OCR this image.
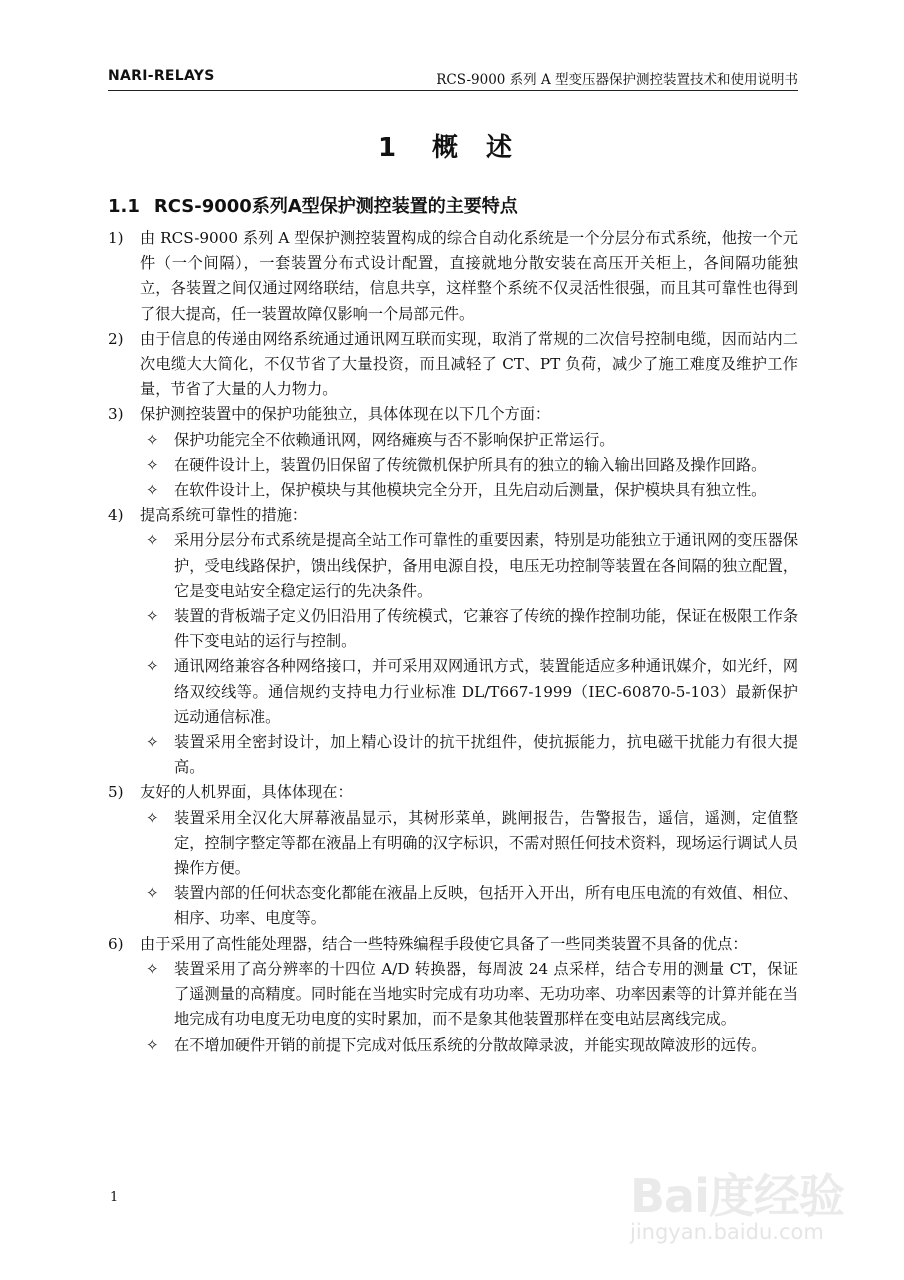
NARI-RELAYS	RCS-9000 系列 A 型变压器保护测控装置技术和使用说明书
1 概 述
1.1 RCS-9000系列A型保护测控装置的主要特点
1) 由 RCS-9000 系列 A 型保护测控装置构成的综合自动化系统是一个分层分布式系统，他按一个元件（一个间隔），一套装置分布式设计配置，直接就地分散安装在高压开关柜上，各间隔功能独立，各装置之间仅通过网络联结，信息共享，这样整个系统不仅灵活性很强，而且其可靠性也得到了很大提高，任一装置故障仅影响一个局部元件。
2) 由于信息的传递由网络系统通过通讯网互联而实现，取消了常规的二次信号控制电缆，因而站内二次电缆大大简化，不仅节省了大量投资，而且减轻了 CT、PT 负荷，减少了施工难度及维护工作量，节省了大量的人力物力。
3) 保护测控装置中的保护功能独立，具体体现在以下几个方面：
✧ 保护功能完全不依赖通讯网，网络瘫痪与否不影响保护正常运行。
✧ 在硬件设计上，装置仍旧保留了传统微机保护所具有的独立的输入输出回路及操作回路。
✧ 在软件设计上，保护模块与其他模块完全分开，且先启动后测量，保护模块具有独立性。
4) 提高系统可靠性的措施：
✧ 采用分层分布式系统是提高全站工作可靠性的重要因素，特别是功能独立于通讯网的变压器保护，受电线路保护，馈出线保护，备用电源自投，电压无功控制等装置在各间隔的独立配置，它是变电站安全稳定运行的先决条件。
✧ 装置的背板端子定义仍旧沿用了传统模式，它兼容了传统的操作控制功能，保证在极限工作条件下变电站的运行与控制。
✧ 通讯网络兼容各种网络接口，并可采用双网通讯方式，装置能适应多种通讯媒介，如光纤，网络双绞线等。通信规约支持电力行业标准 DL/T667-1999（IEC-60870-5-103）最新保护远动通信标准。
✧ 装置采用全密封设计，加上精心设计的抗干扰组件，使抗振能力，抗电磁干扰能力有很大提高。
5) 友好的人机界面，具体体现在：
✧ 装置采用全汉化大屏幕液晶显示，其树形菜单，跳闸报告，告警报告，遥信，遥测，定值整定，控制字整定等都在液晶上有明确的汉字标识，不需对照任何技术资料，现场运行调试人员操作方便。
✧ 装置内部的任何状态变化都能在液晶上反映，包括开入开出，所有电压电流的有效值、相位、相序、功率、电度等。
6) 由于采用了高性能处理器，结合一些特殊编程手段使它具备了一些同类装置不具备的优点：
✧ 装置采用了高分辨率的十四位 A/D 转换器，每周波 24 点采样，结合专用的测量 CT，保证了遥测量的高精度。同时能在当地实时完成有功功率、无功功率、功率因素等的计算并能在当地完成有功电度无功电度的实时累加，而不是象其他装置那样在变电站层离线完成。
✧ 在不增加硬件开销的前提下完成对低压系统的分散故障录波，并能实现故障波形的远传。
1	Bai度经验
jingyan.baidu.com
